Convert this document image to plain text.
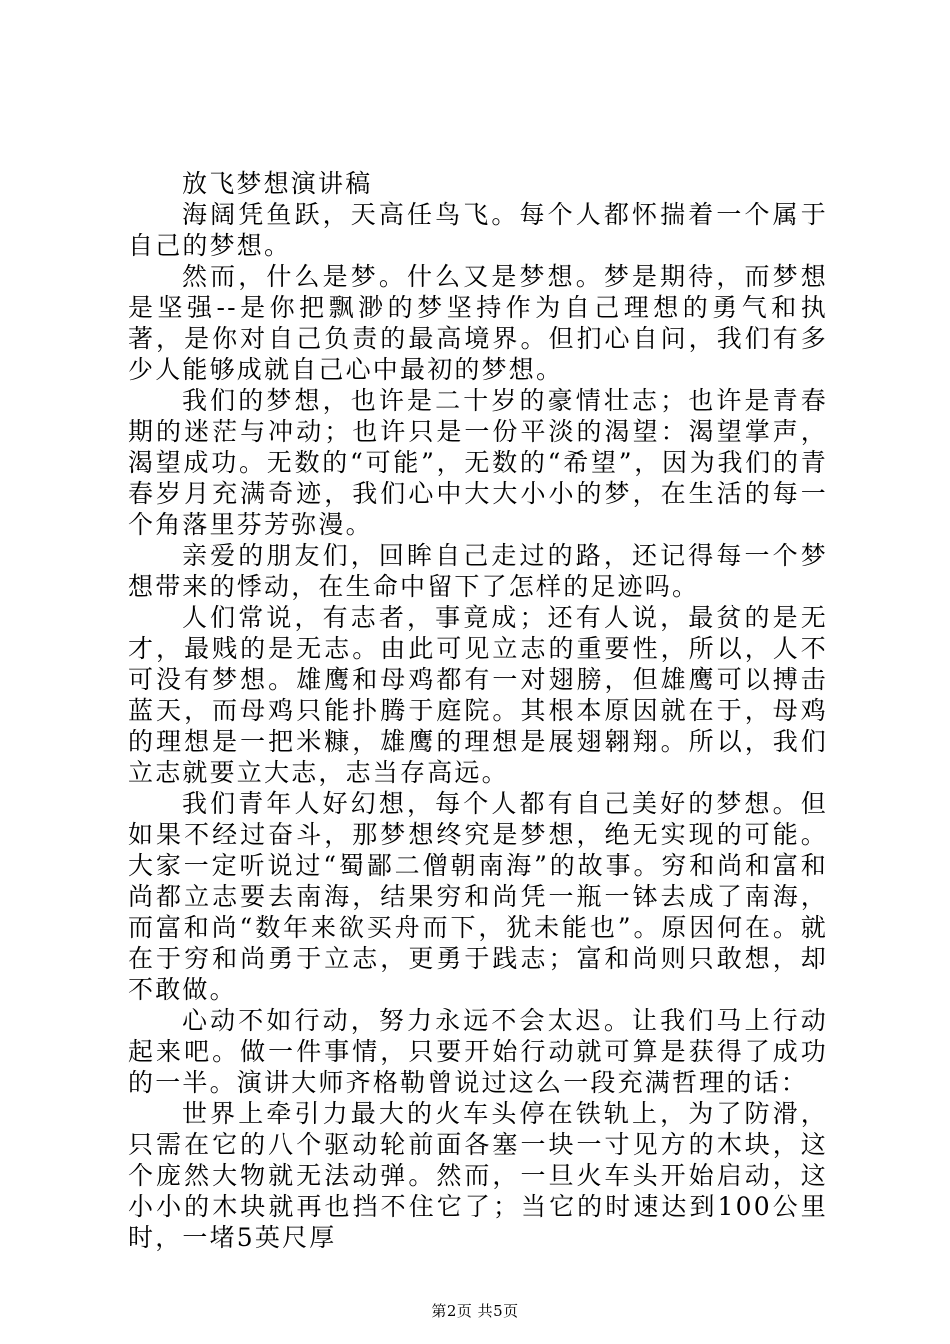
放飞梦想演讲稿

海阔凭鱼跃，天高任鸟飞。每个人都怀揣着一个属于自己的梦想。

然而，什么是梦。什么又是梦想。梦是期待，而梦想是坚强--是你把飘渺的梦坚持作为自己理想的勇气和执著，是你对自己负责的最高境界。但扪心自问，我们有多少人能够成就自己心中最初的梦想。

我们的梦想，也许是二十岁的豪情壮志；也许是青春期的迷茫与冲动；也许只是一份平淡的渴望：渴望掌声，渴望成功。无数的“可能”，无数的“希望”，因为我们的青春岁月充满奇迹，我们心中大大小小的梦，在生活的每一个角落里芬芳弥漫。

亲爱的朋友们，回眸自己走过的路，还记得每一个梦想带来的悸动，在生命中留下了怎样的足迹吗。

人们常说，有志者，事竟成；还有人说，最贫的是无才，最贱的是无志。由此可见立志的重要性，所以，人不可没有梦想。雄鹰和母鸡都有一对翅膀，但雄鹰可以搏击蓝天，而母鸡只能扑腾于庭院。其根本原因就在于，母鸡的理想是一把米糠，雄鹰的理想是展翅翱翔。所以，我们立志就要立大志，志当存高远。

我们青年人好幻想，每个人都有自己美好的梦想。但如果不经过奋斗，那梦想终究是梦想，绝无实现的可能。大家一定听说过“蜀鄙二僧朝南海”的故事。穷和尚和富和尚都立志要去南海，结果穷和尚凭一瓶一钵去成了南海，而富和尚“数年来欲买舟而下，犹未能也”。原因何在。就在于穷和尚勇于立志，更勇于践志；富和尚则只敢想，却不敢做。

心动不如行动，努力永远不会太迟。让我们马上行动起来吧。做一件事情，只要开始行动就可算是获得了成功的一半。演讲大师齐格勒曾说过这么一段充满哲理的话：

世界上牵引力最大的火车头停在铁轨上，为了防滑，只需在它的八个驱动轮前面各塞一块一寸见方的木块，这个庞然大物就无法动弹。然而，一旦火车头开始启动，这小小的木块就再也挡不住它了；当它的时速达到100公里时，一堵5英尺厚

第2页 共5页
